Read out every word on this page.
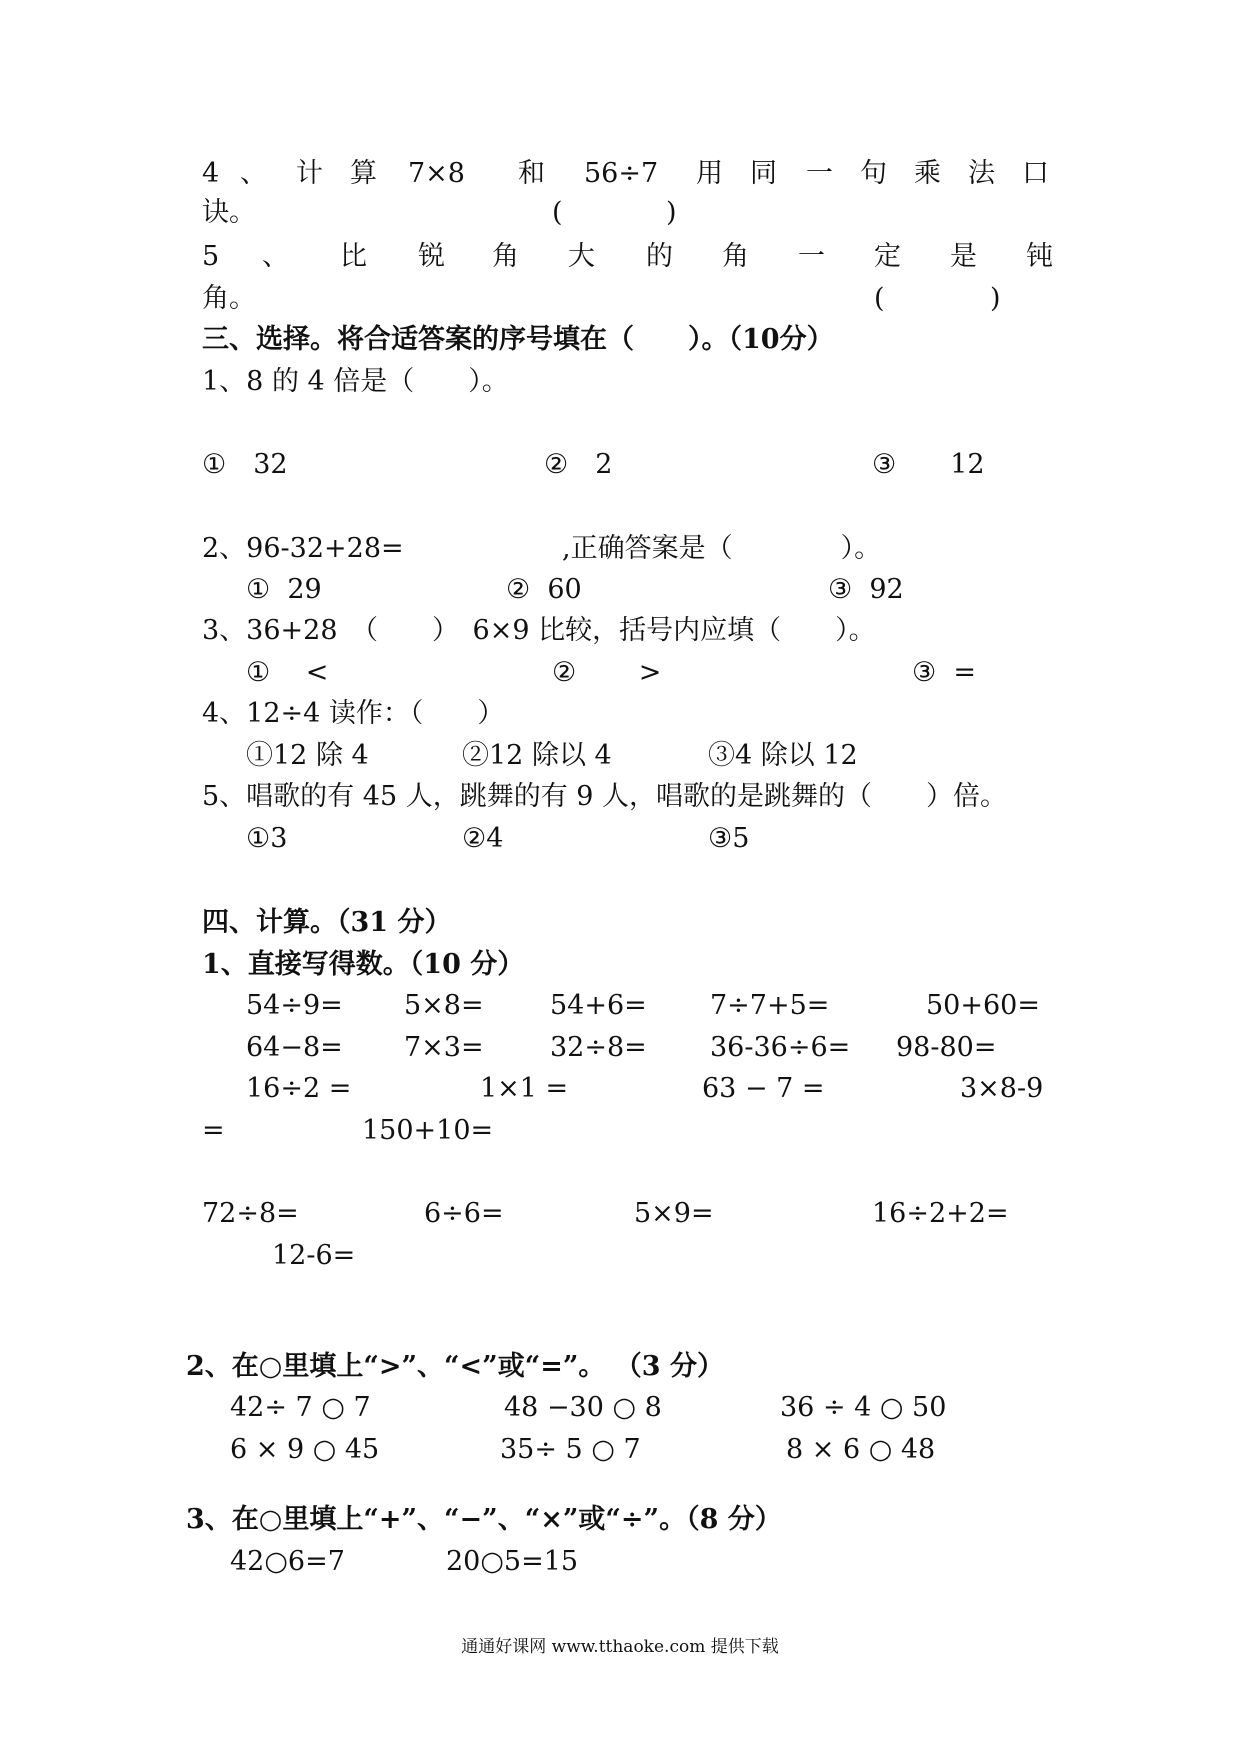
4 、 计 算 7×8 和 56÷7 用 同 一 句 乘 法 口
诀。	(	)
5 、 比 锐 角 大 的 角 一 定 是 钝
角。	(	)
三、选择。将合适答案的序号填在（　　）。（10分）
1、8 的 4 倍是（　　）。
①　32	②　2	③　　12
2、96-32+28=	,正确答案是（　　　　）。
①  29	②  60	③  92
3、36+28　（　　）　6×9 比较，括号内应填（　　）。
①　 <	②　　 >	③  =
4、12÷4 读作：（　　）
①12 除 4	②12 除以 4	③4 除以 12
5、唱歌的有 45 人，跳舞的有 9 人，唱歌的是跳舞的（　　）倍。
①3	②4	③5
四、计算。（31 分）
1、直接写得数。（10 分）
54÷9= 5×8= 54+6= 7÷7+5=	50+60=
64−8= 7×3= 32÷8= 36-36÷6= 98-80=
16÷2 =	1×1 =	63 − 7 =	3×8-9
=	150+10=
72÷8=	6÷6=	5×9=	16÷2+2=
12-6=
2、在○里填上“>”、“<”或“=”。 （3 分）
42÷ 7 ○ 7	48 −30 ○ 8	36 ÷ 4 ○ 50
6 × 9 ○ 45	35÷ 5 ○ 7	8 × 6 ○ 48
3、在○里填上“+”、“−”、“×”或“÷”。（8 分）
42○6=7	20○5=15
通通好课网 www.tthaoke.com 提供下载
